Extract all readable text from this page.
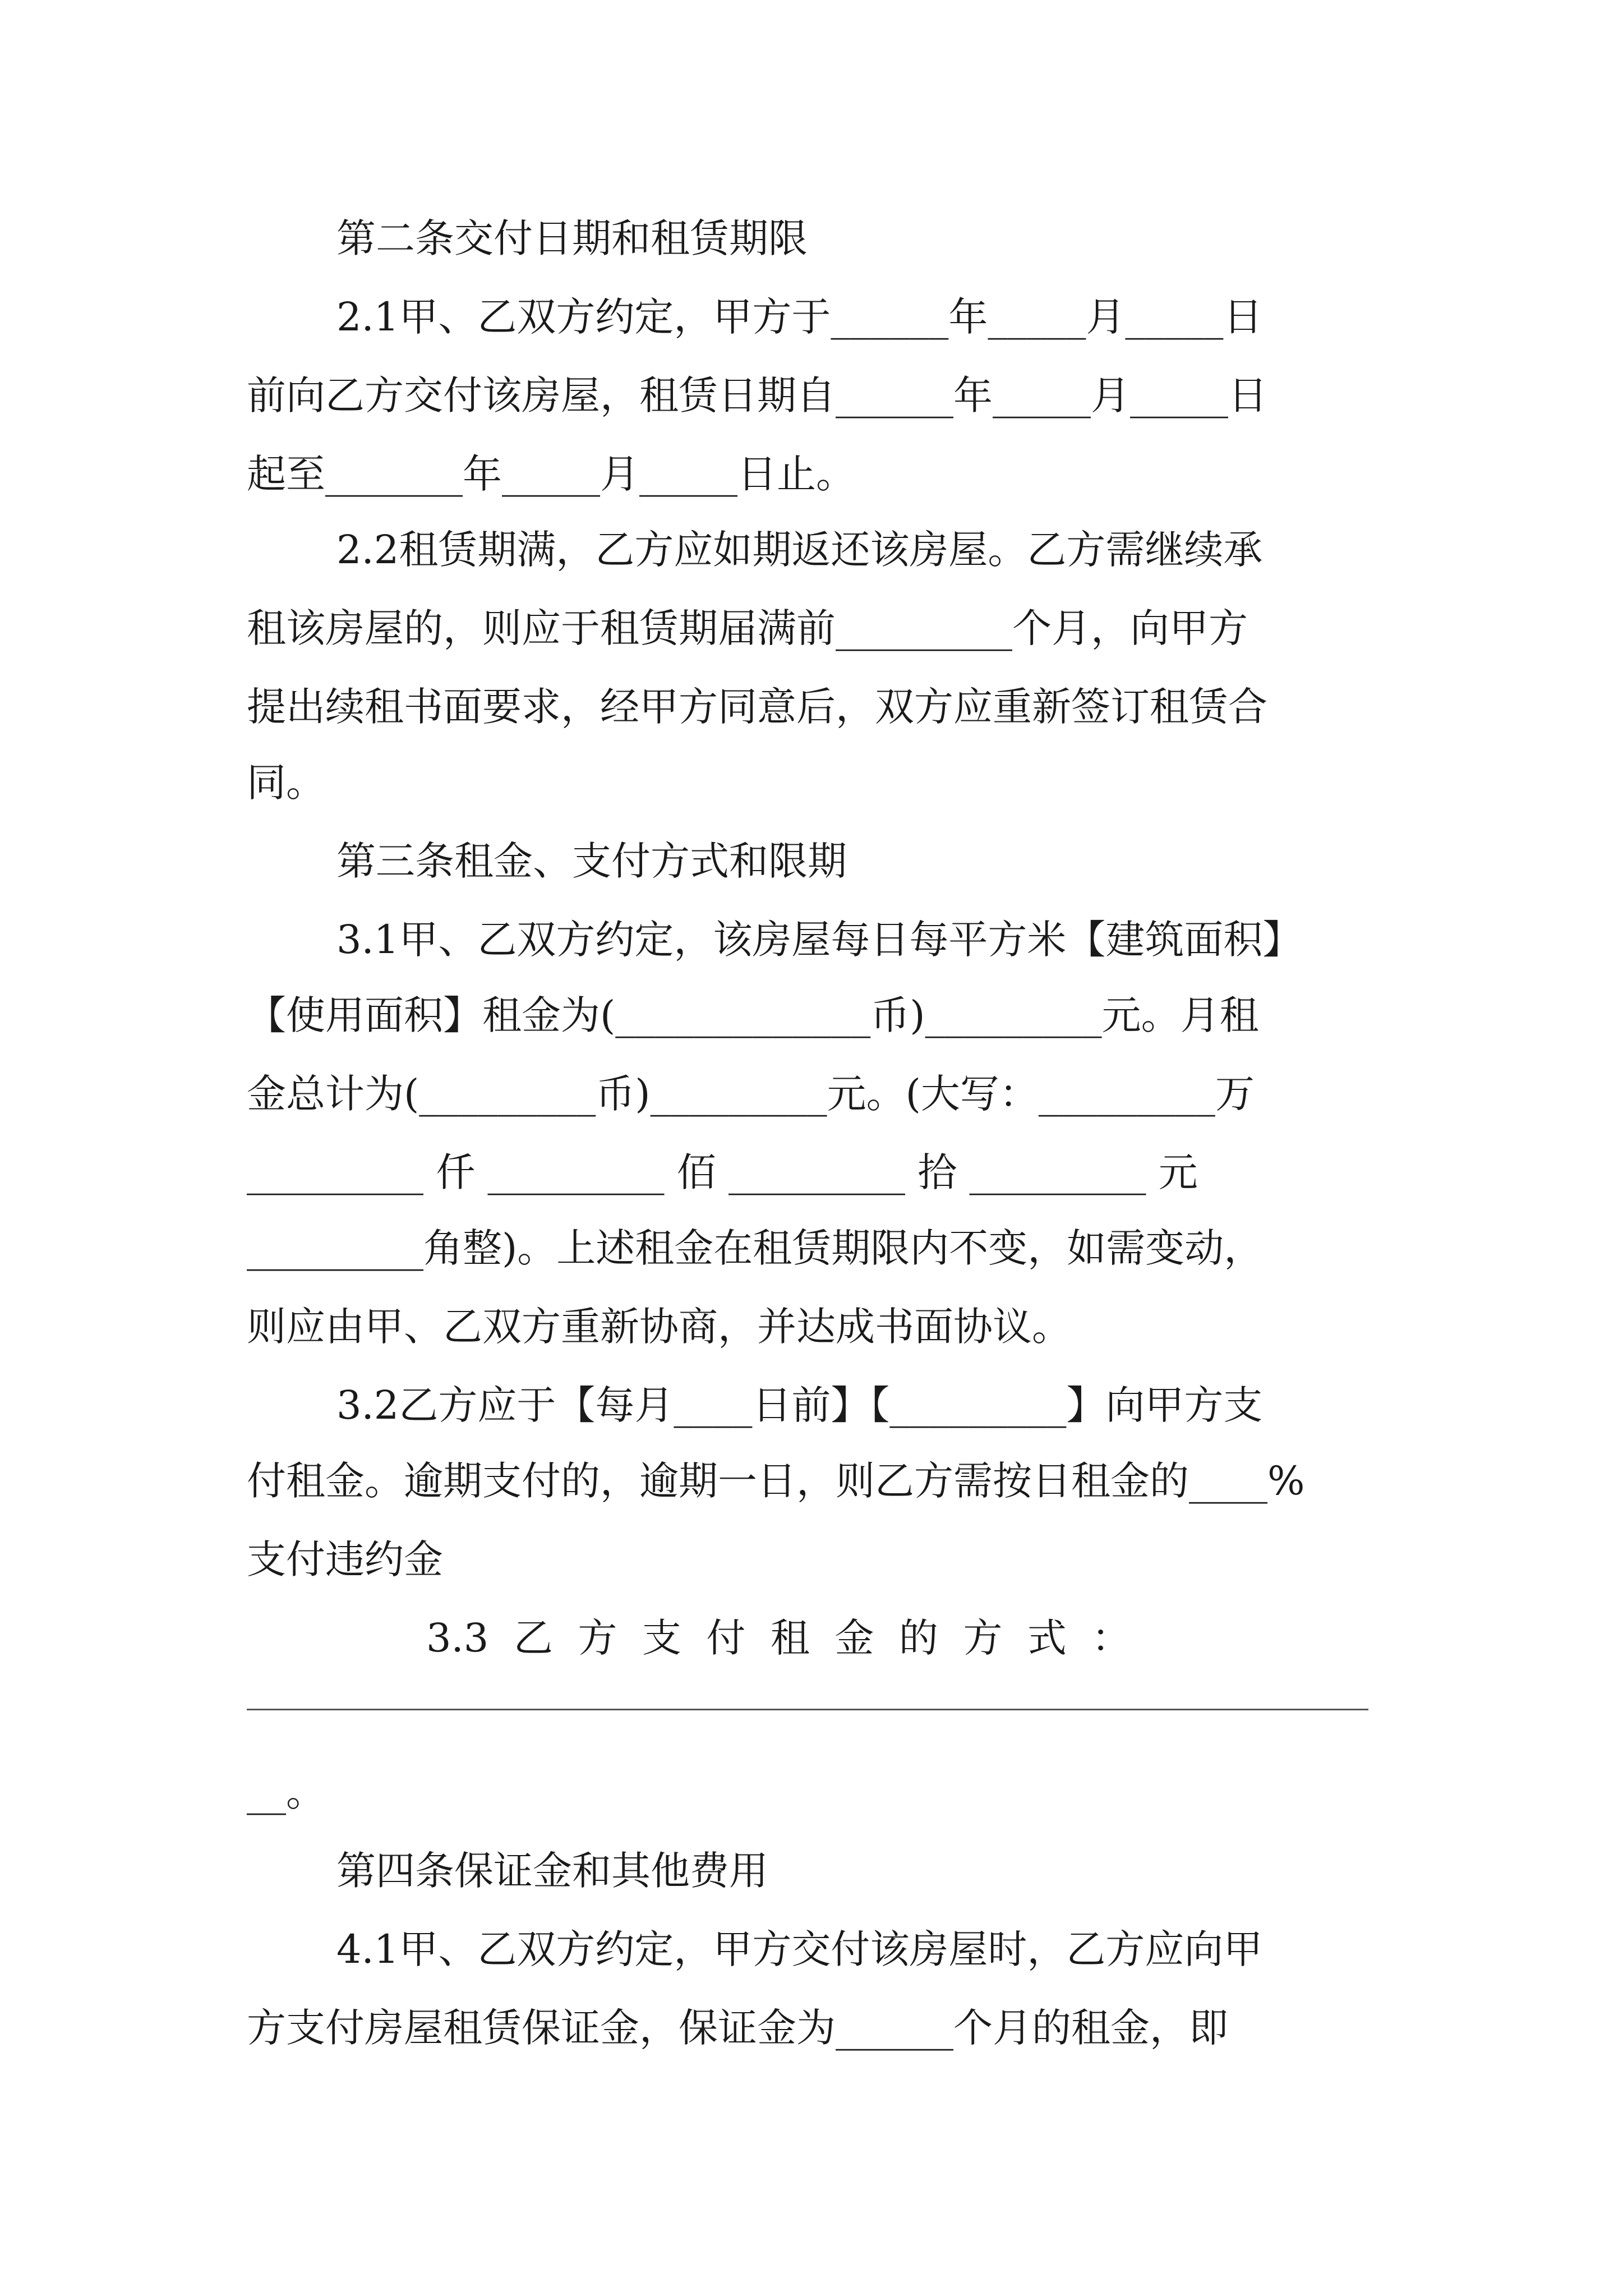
第二条交付日期和租赁期限
2.1甲、乙双方约定，甲方于______年_____月_____日
前向乙方交付该房屋，租赁日期自______年_____月_____日
起至_______年_____月_____日止。
2.2租赁期满，乙方应如期返还该房屋。乙方需继续承
租该房屋的，则应于租赁期届满前_________个月，向甲方
提出续租书面要求，经甲方同意后，双方应重新签订租赁合
同。
第三条租金、支付方式和限期
3.1甲、乙双方约定，该房屋每日每平方米【建筑面积】
【使用面积】租金为(_____________币)_________元。月租
金总计为(_________币)_________元。(大写：_________万
_________ 仟 _________ 佰 _________ 拾 _________ 元
_________角整)。上述租金在租赁期限内不变，如需变动，
则应由甲、乙双方重新协商，并达成书面协议。
3.2乙方应于【每月____日前】【_________】向甲方支
付租金。逾期支付的，逾期一日，则乙方需按日租金的____%
支付违约金
3.3  乙  方  支  付  租  金  的  方  式  ：
__。
第四条保证金和其他费用
4.1甲、乙双方约定，甲方交付该房屋时，乙方应向甲
方支付房屋租赁保证金，保证金为______个月的租金，即
